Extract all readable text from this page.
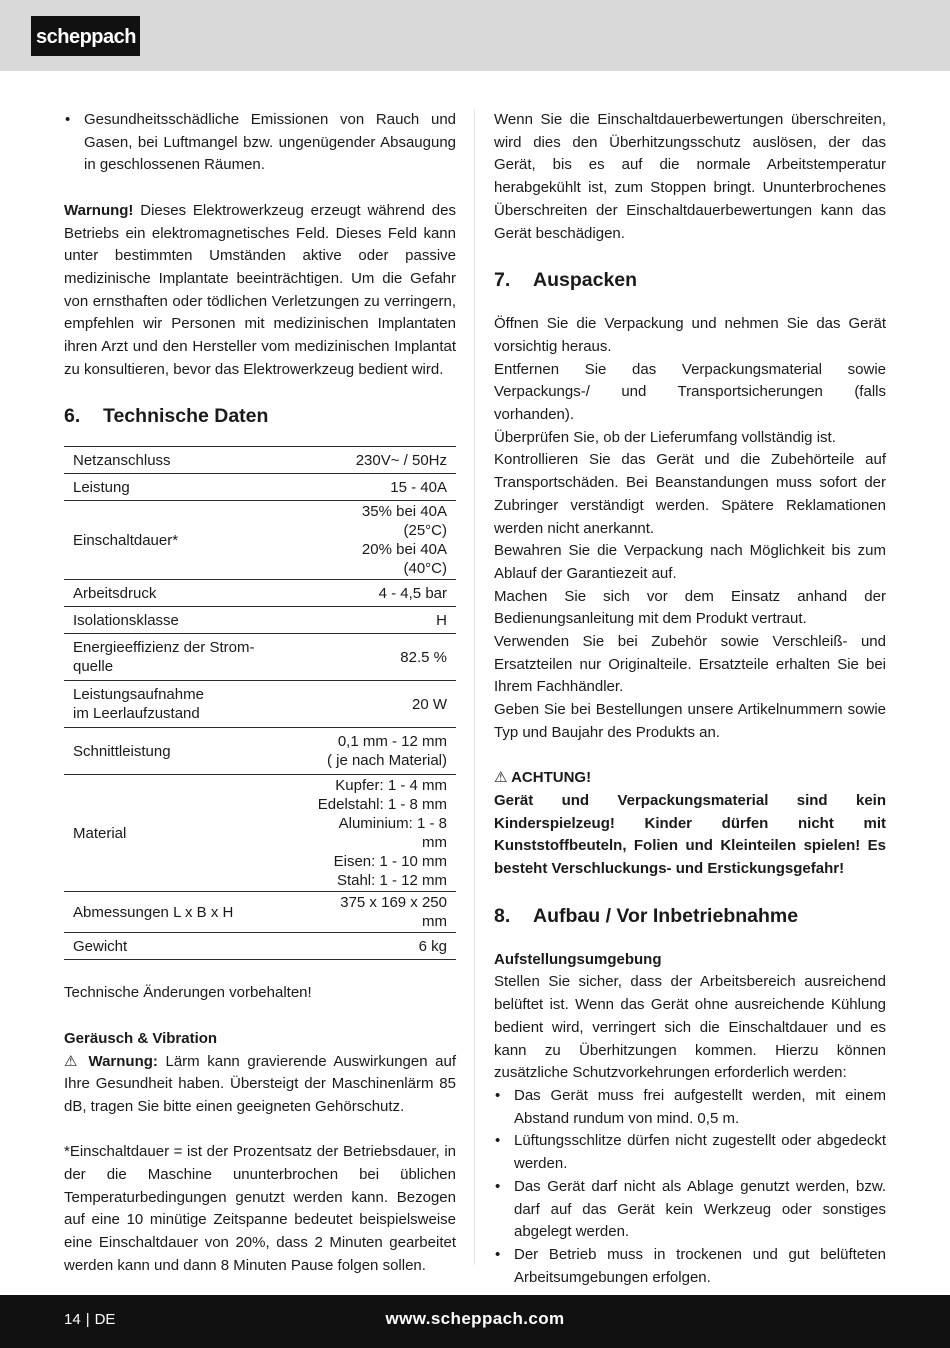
scheppach
• Gesundheitsschädliche Emissionen von Rauch und Gasen, bei Luftmangel bzw. ungenügender Absaugung in geschlossenen Räumen.

Warnung! Dieses Elektrowerkzeug erzeugt während des Betriebs ein elektromagnetisches Feld. Dieses Feld kann unter bestimmten Umständen aktive oder passive medizinische Implantate beeinträchtigen. Um die Gefahr von ernsthaften oder tödlichen Verletzungen zu verringern, empfehlen wir Personen mit medizinischen Implantaten ihren Arzt und den Hersteller vom medizinischen Implantat zu konsultieren, bevor das Elektrowerkzeug bedient wird.

6.	Technische Daten
Netzanschluss	230V~ / 50Hz
Leistung	15 - 40A
Einschaltdauer*	35% bei 40A (25°C)
20% bei 40A (40°C)

Arbeitsdruck	4 - 4,5 bar
Isolationsklasse	H

Energieeffizienz der Strom-
quelle	82.5 %

Leistungsaufnahme
im Leerlaufzustand	20 W
Schnittleistung	0,1 mm - 12 mm
( je nach Material)

Material	Kupfer: 1 - 4 mm
Edelstahl: 1 - 8 mm
Aluminium: 1 - 8 mm
Eisen: 1 - 10 mm
Stahl: 1 - 12 mm

Abmessungen L x B x H	375 x 169 x 250 mm
Gewicht	6 kg

Technische Änderungen vorbehalten!

Geräusch & Vibration

⚠ Warnung: Lärm kann gravierende Auswirkungen auf Ihre Gesundheit haben. Übersteigt der Maschinenlärm 85 dB, tragen Sie bitte einen geeigneten Gehörschutz.

*Einschaltdauer = ist der Prozentsatz der Betriebsdauer, in der die Maschine ununterbrochen bei üblichen Temperaturbedingungen genutzt werden kann. Bezogen auf eine 10 minütige Zeitspanne bedeutet beispielsweise eine Einschaltdauer von 20%, dass 2 Minuten gearbeitet werden kann und dann 8 Minuten Pause folgen sollen.

Wenn Sie die Einschaltdauerbewertungen überschreiten, wird dies den Überhitzungsschutz auslösen, der das Gerät, bis es auf die normale Arbeitstemperatur herabgekühlt ist, zum Stoppen bringt. Ununterbrochenes Überschreiten der Einschaltdauerbewertungen kann das Gerät beschädigen.

7.	Auspacken

Öffnen Sie die Verpackung und nehmen Sie das Gerät vorsichtig heraus.

Entfernen Sie das Verpackungsmaterial sowie Verpackungs-/ und Transportsicherungen (falls vorhanden).

Überprüfen Sie, ob der Lieferumfang vollständig ist.

Kontrollieren Sie das Gerät und die Zubehörteile auf Transportschäden. Bei Beanstandungen muss sofort der Zubringer verständigt werden. Spätere Reklamationen werden nicht anerkannt.

Bewahren Sie die Verpackung nach Möglichkeit bis zum Ablauf der Garantiezeit auf.

Machen Sie sich vor dem Einsatz anhand der Bedienungsanleitung mit dem Produkt vertraut.

Verwenden Sie bei Zubehör sowie Verschleiß- und Ersatzteilen nur Originalteile. Ersatzteile erhalten Sie bei Ihrem Fachhändler.

Geben Sie bei Bestellungen unsere Artikelnummern sowie Typ und Baujahr des Produkts an.

⚠ ACHTUNG!

Gerät und Verpackungsmaterial sind kein Kinderspielzeug! Kinder dürfen nicht mit Kunststoffbeuteln, Folien und Kleinteilen spielen! Es besteht Verschluckungs- und Erstickungsgefahr!

8.	Aufbau / Vor Inbetriebnahme

Aufstellungsumgebung

Stellen Sie sicher, dass der Arbeitsbereich ausreichend belüftet ist. Wenn das Gerät ohne ausreichende Kühlung bedient wird, verringert sich die Einschaltdauer und es kann zu Überhitzungen kommen. Hierzu können zusätzliche Schutzvorkehrungen erforderlich werden:

• Das Gerät muss frei aufgestellt werden, mit einem Abstand rundum von mind. 0,5 m.
• Lüftungsschlitze dürfen nicht zugestellt oder abgedeckt werden.
• Das Gerät darf nicht als Ablage genutzt werden, bzw. darf auf das Gerät kein Werkzeug oder sonstiges abgelegt werden.
• Der Betrieb muss in trockenen und gut belüfteten Arbeitsumgebungen erfolgen.
14 | DE	www.scheppach.com
